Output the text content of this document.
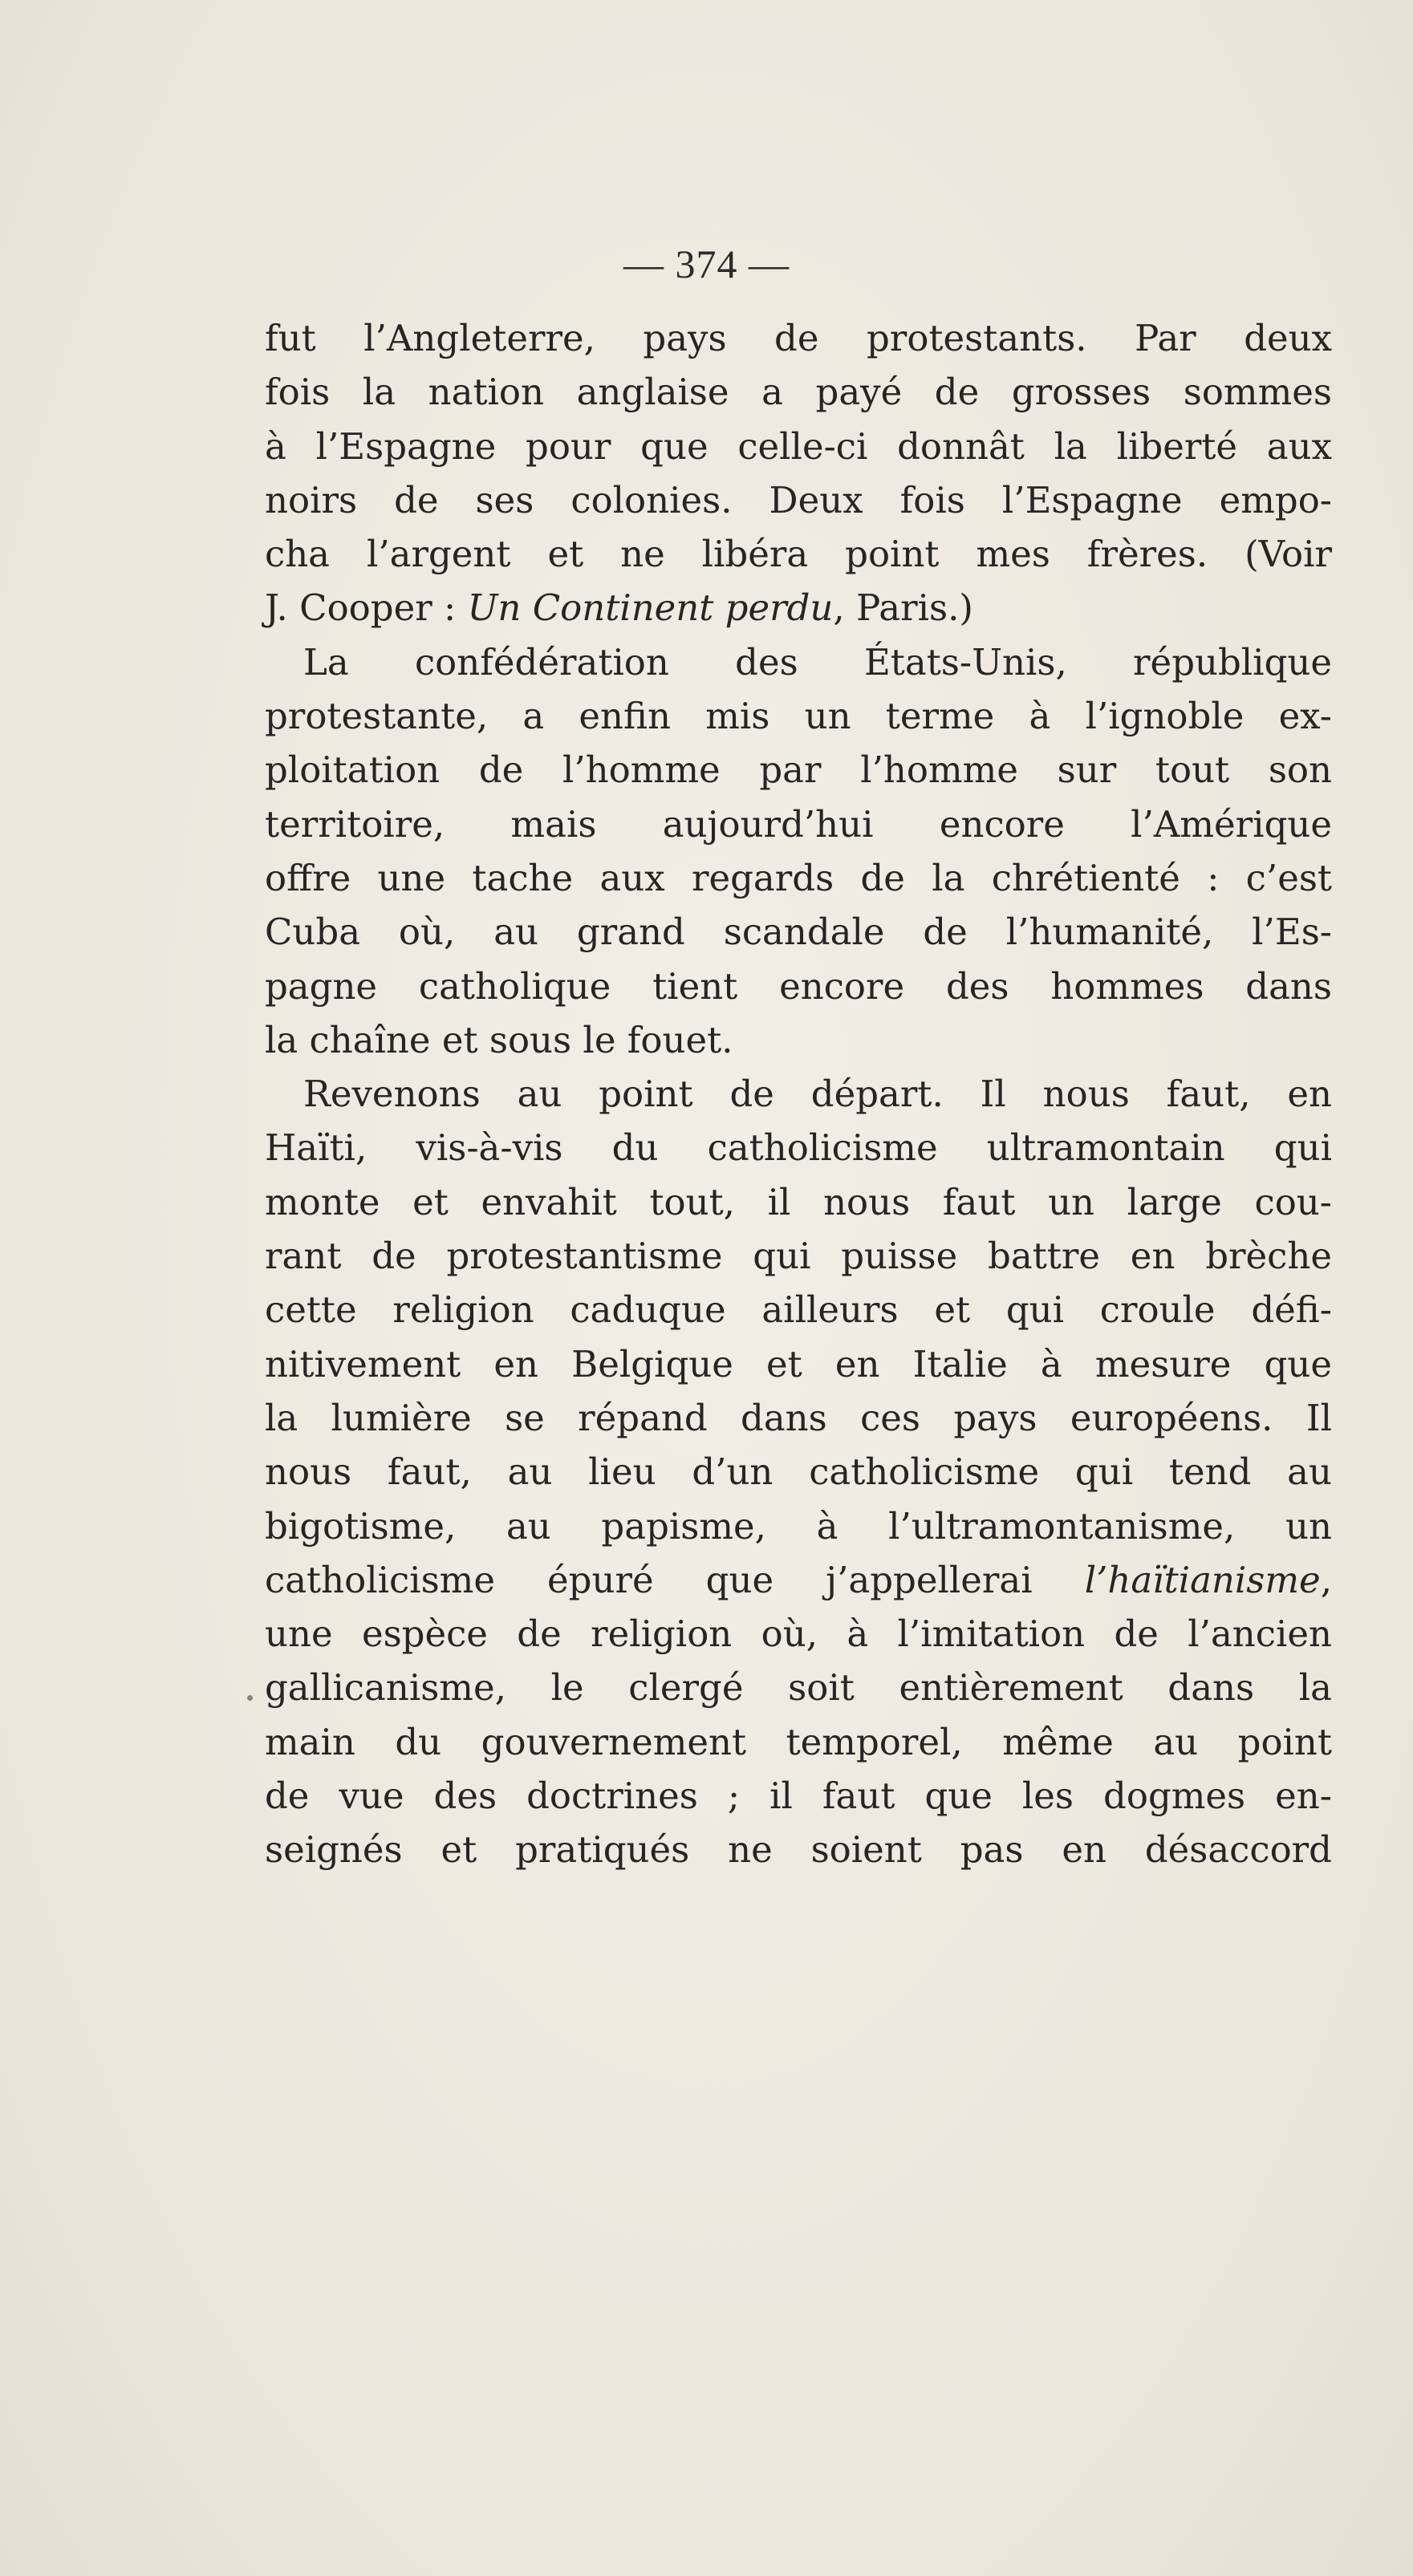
— 374 —
fut l’Angleterre, pays de protestants. Par deux
fois la nation anglaise a payé de grosses sommes
à l’Espagne pour que celle-ci donnât la liberté aux
noirs de ses colonies. Deux fois l’Espagne empo-
cha l’argent et ne libéra point mes frères. (Voir
J. Cooper : Un Continent perdu, Paris.)
La confédération des États-Unis, république
protestante, a enfin mis un terme à l’ignoble ex-
ploitation de l’homme par l’homme sur tout son
territoire, mais aujourd’hui encore l’Amérique
offre une tache aux regards de la chrétienté : c’est
Cuba où, au grand scandale de l’humanité, l’Es-
pagne catholique tient encore des hommes dans
la chaîne et sous le fouet.
Revenons au point de départ. Il nous faut, en
Haïti, vis-à-vis du catholicisme ultramontain qui
monte et envahit tout, il nous faut un large cou-
rant de protestantisme qui puisse battre en brèche
cette religion caduque ailleurs et qui croule défi-
nitivement en Belgique et en Italie à mesure que
la lumière se répand dans ces pays européens. Il
nous faut, au lieu d’un catholicisme qui tend au
bigotisme, au papisme, à l’ultramontanisme, un
catholicisme épuré que j’appellerai l’haïtianisme,
une espèce de religion où, à l’imitation de l’ancien
gallicanisme, le clergé soit entièrement dans la
main du gouvernement temporel, même au point
de vue des doctrines ; il faut que les dogmes en-
seignés et pratiqués ne soient pas en désaccord
